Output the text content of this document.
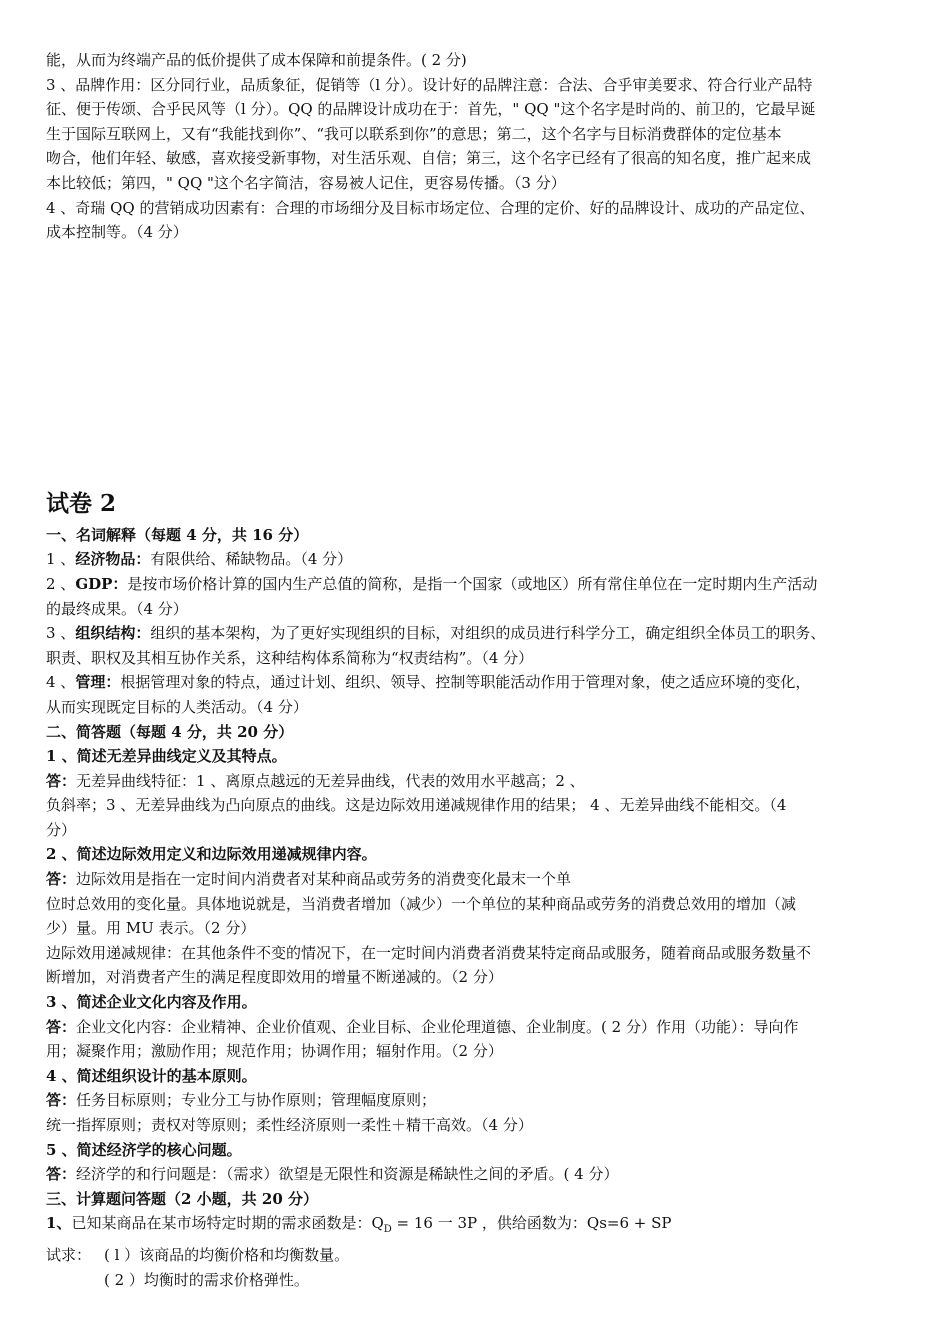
能，从而为终端产品的低价提供了成本保障和前提条件。( 2 分)
3 、品牌作用：区分同行业，品质象征，促销等（l 分）。设计好的品牌注意：合法、合乎审美要求、符合行业产品特
征、便于传颂、合乎民风等（l 分）。QQ 的品牌设计成功在于：首先，" QQ "这个名字是时尚的、前卫的，它最早诞
生于国际互联网上，又有“我能找到你”、“我可以联系到你”的意思；第二，这个名字与目标消费群体的定位基本
吻合，他们年轻、敏感，喜欢接受新事物，对生活乐观、自信；第三，这个名字已经有了很高的知名度，推广起来成
本比较低；第四，" QQ "这个名字简洁，容易被人记住，更容易传播。（3 分）
4 、奇瑞 QQ 的营销成功因素有：合理的市场细分及目标市场定位、合理的定价、好的品牌设计、成功的产品定位、
成本控制等。（4 分）
试卷 2
一、名词解释（每题 4 分，共 16 分）
1 、经济物品：有限供给、稀缺物品。（4 分）
2 、GDP：是按市场价格计算的国内生产总值的简称，是指一个国家（或地区）所有常住单位在一定时期内生产活动
的最终成果。（4 分）
3 、组织结构：组织的基本架构，为了更好实现组织的目标，对组织的成员进行科学分工，确定组织全体员工的职务、
职责、职权及其相互协作关系，这种结构体系简称为“权责结构”。（4 分）
4 、管理：根据管理对象的特点，通过计划、组织、领导、控制等职能活动作用于管理对象，使之适应环境的变化，
从而实现既定目标的人类活动。（4 分）
二、简答题（每题 4 分，共 20 分）
1 、简述无差异曲线定义及其特点。
答：无差异曲线特征：1 、离原点越远的无差异曲线，代表的效用水平越高；2 、
负斜率；3 、无差异曲线为凸向原点的曲线。这是边际效用递减规律作用的结果； 4 、无差异曲线不能相交。（4
分）
2 、简述边际效用定义和边际效用递减规律内容。
答：边际效用是指在一定时间内消费者对某种商品或劳务的消费变化最末一个单
位时总效用的变化量。具体地说就是，当消费者增加（减少）一个单位的某种商品或劳务的消费总效用的增加（减
少）量。用 MU 表示。（2 分）
边际效用递减规律：在其他条件不变的情况下，在一定时间内消费者消费某特定商品或服务，随着商品或服务数量不
断增加，对消费者产生的满足程度即效用的增量不断递减的。（2 分）
3 、简述企业文化内容及作用。
答：企业文化内容：企业精神、企业价值观、企业目标、企业伦理道德、企业制度。( 2 分）作用（功能）：导向作
用；凝聚作用；激励作用；规范作用；协调作用；辐射作用。（2 分）
4 、简述组织设计的基本原则。
答：任务目标原则；专业分工与协作原则；管理幅度原则；
统一指挥原则；责权对等原则；柔性经济原则一柔性＋精干高效。（4 分）
5 、简述经济学的核心问题。
答：经济学的和行问题是：（需求）欲望是无限性和资源是稀缺性之间的矛盾。( 4 分）
三、计算题问答题（2 小题，共 20 分）
1、已知某商品在某市场特定时期的需求函数是：$Q_D = 16$ 一 3P ，供给函数为：Qs=6 + SP
试求： ( l ）该商品的均衡价格和均衡数量。
( 2 ）均衡时的需求价格弹性。
